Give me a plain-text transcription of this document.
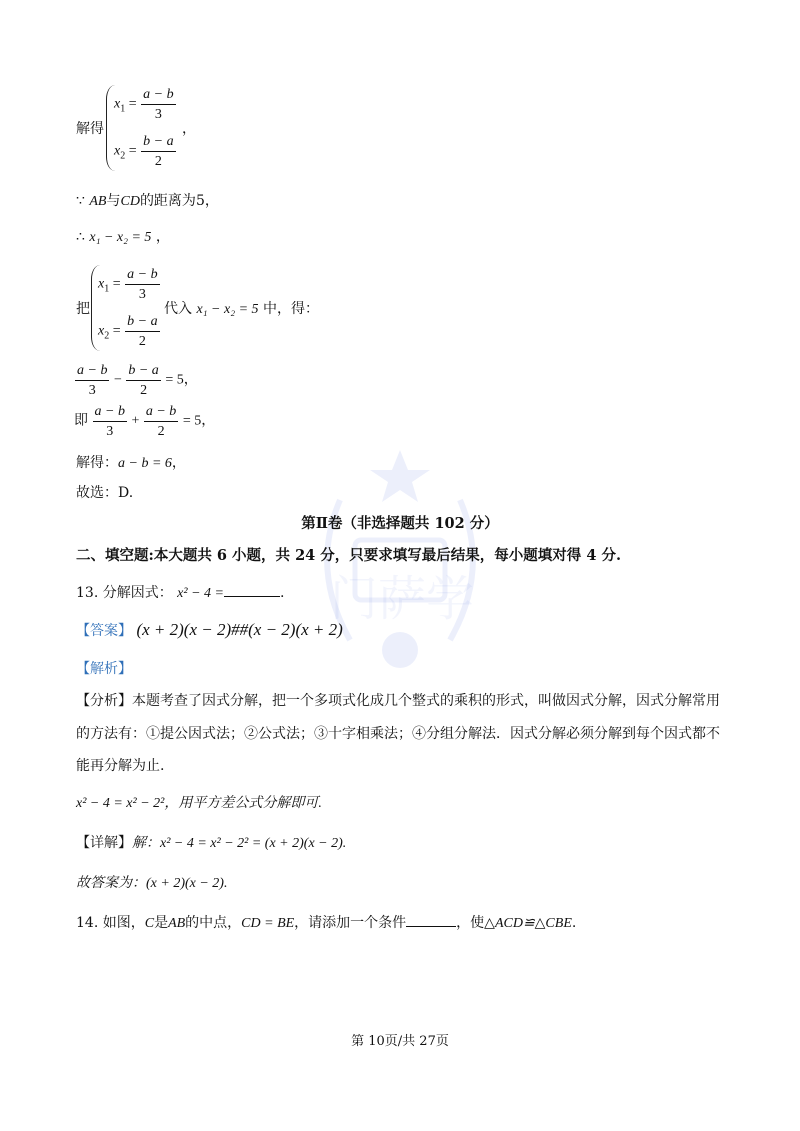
门萨学
解得
$x_1 = \frac{a - b}{3}$
$x_2 = \frac{b - a}{2}$
，
∵ AB与CD的距离为5，
∴ x₁ − x₂ = 5 ，
把
$x_1 = \frac{a - b}{3}$
$x_2 = \frac{b - a}{2}$
代入 x₁ − x₂ = 5 中，得：
$\frac{a - b}{3} - \frac{b - a}{2} = 5$，
即 $\frac{a - b}{3} + \frac{a - b}{2} = 5$，
解得：a − b = 6，
故选：D.
第Ⅱ卷（非选择题共 102 分）
二、填空题:本大题共 6 小题，共 24 分，只要求填写最后结果，每小题填对得 4 分.
13. 分解因式： x² − 4 =	.
【答案】 (x + 2)(x − 2)##(x − 2)(x + 2)
【解析】
【分析】本题考查了因式分解，把一个多项式化成几个整式的乘积的形式，叫做因式分解，因式分解常用
的方法有：①提公因式法；②公式法；③十字相乘法；④分组分解法．因式分解必须分解到每个因式都不
能再分解为止.
x² − 4 = x² − 2²，用平方差公式分解即可.
【详解】解：x² − 4 = x² − 2² = (x + 2)(x − 2).
故答案为：(x + 2)(x − 2).
14. 如图，C是AB的中点，CD = BE，请添加一个条件	，使△ACD≌△CBE.
第 10页/共 27页
